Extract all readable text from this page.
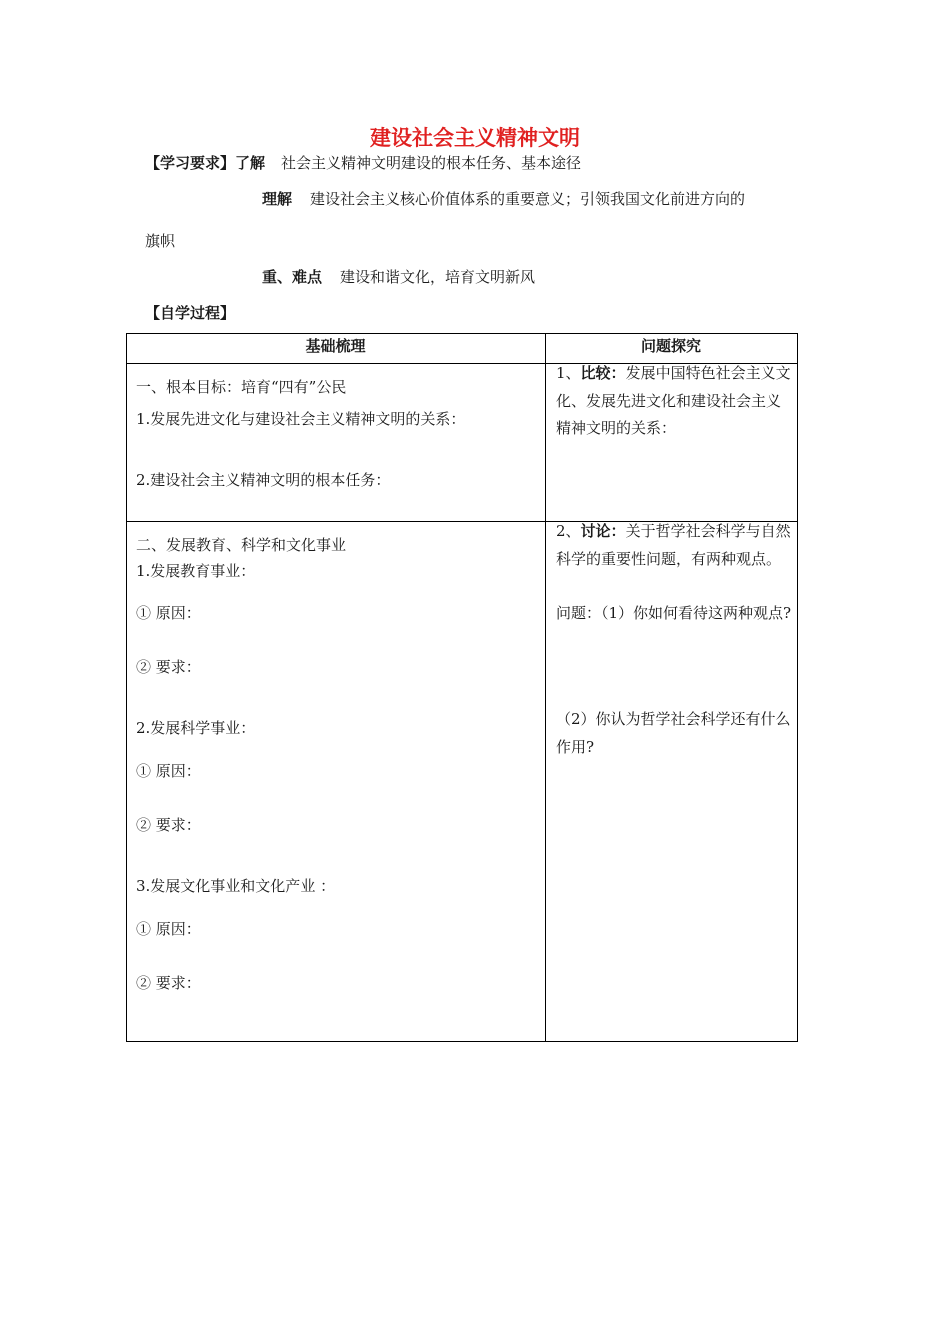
建设社会主义精神文明
【学习要求】了解 社会主义精神文明建设的根本任务、基本途径
理解 建设社会主义核心价值体系的重要意义；引领我国文化前进方向的
旗帜
重、难点 建设和谐文化，培育文明新风
【自学过程】
基础梳理	问题探究
一、根本目标：培育“四有”公民
1.发展先进文化与建设社会主义精神文明的关系：
2.建设社会主义精神文明的根本任务：
1、比较：发展中国特色社会主义文化、发展先进文化和建设社会主义精神文明的关系：
二、发展教育、科学和文化事业
1.发展教育事业：
① 原因：
② 要求：
2.发展科学事业：
① 原因：
② 要求：
3.发展文化事业和文化产业 ：
① 原因：
② 要求：
2、讨论：关于哲学社会科学与自然科学的重要性问题，有两种观点。
问题：（1）你如何看待这两种观点?
（2）你认为哲学社会科学还有什么作用?
